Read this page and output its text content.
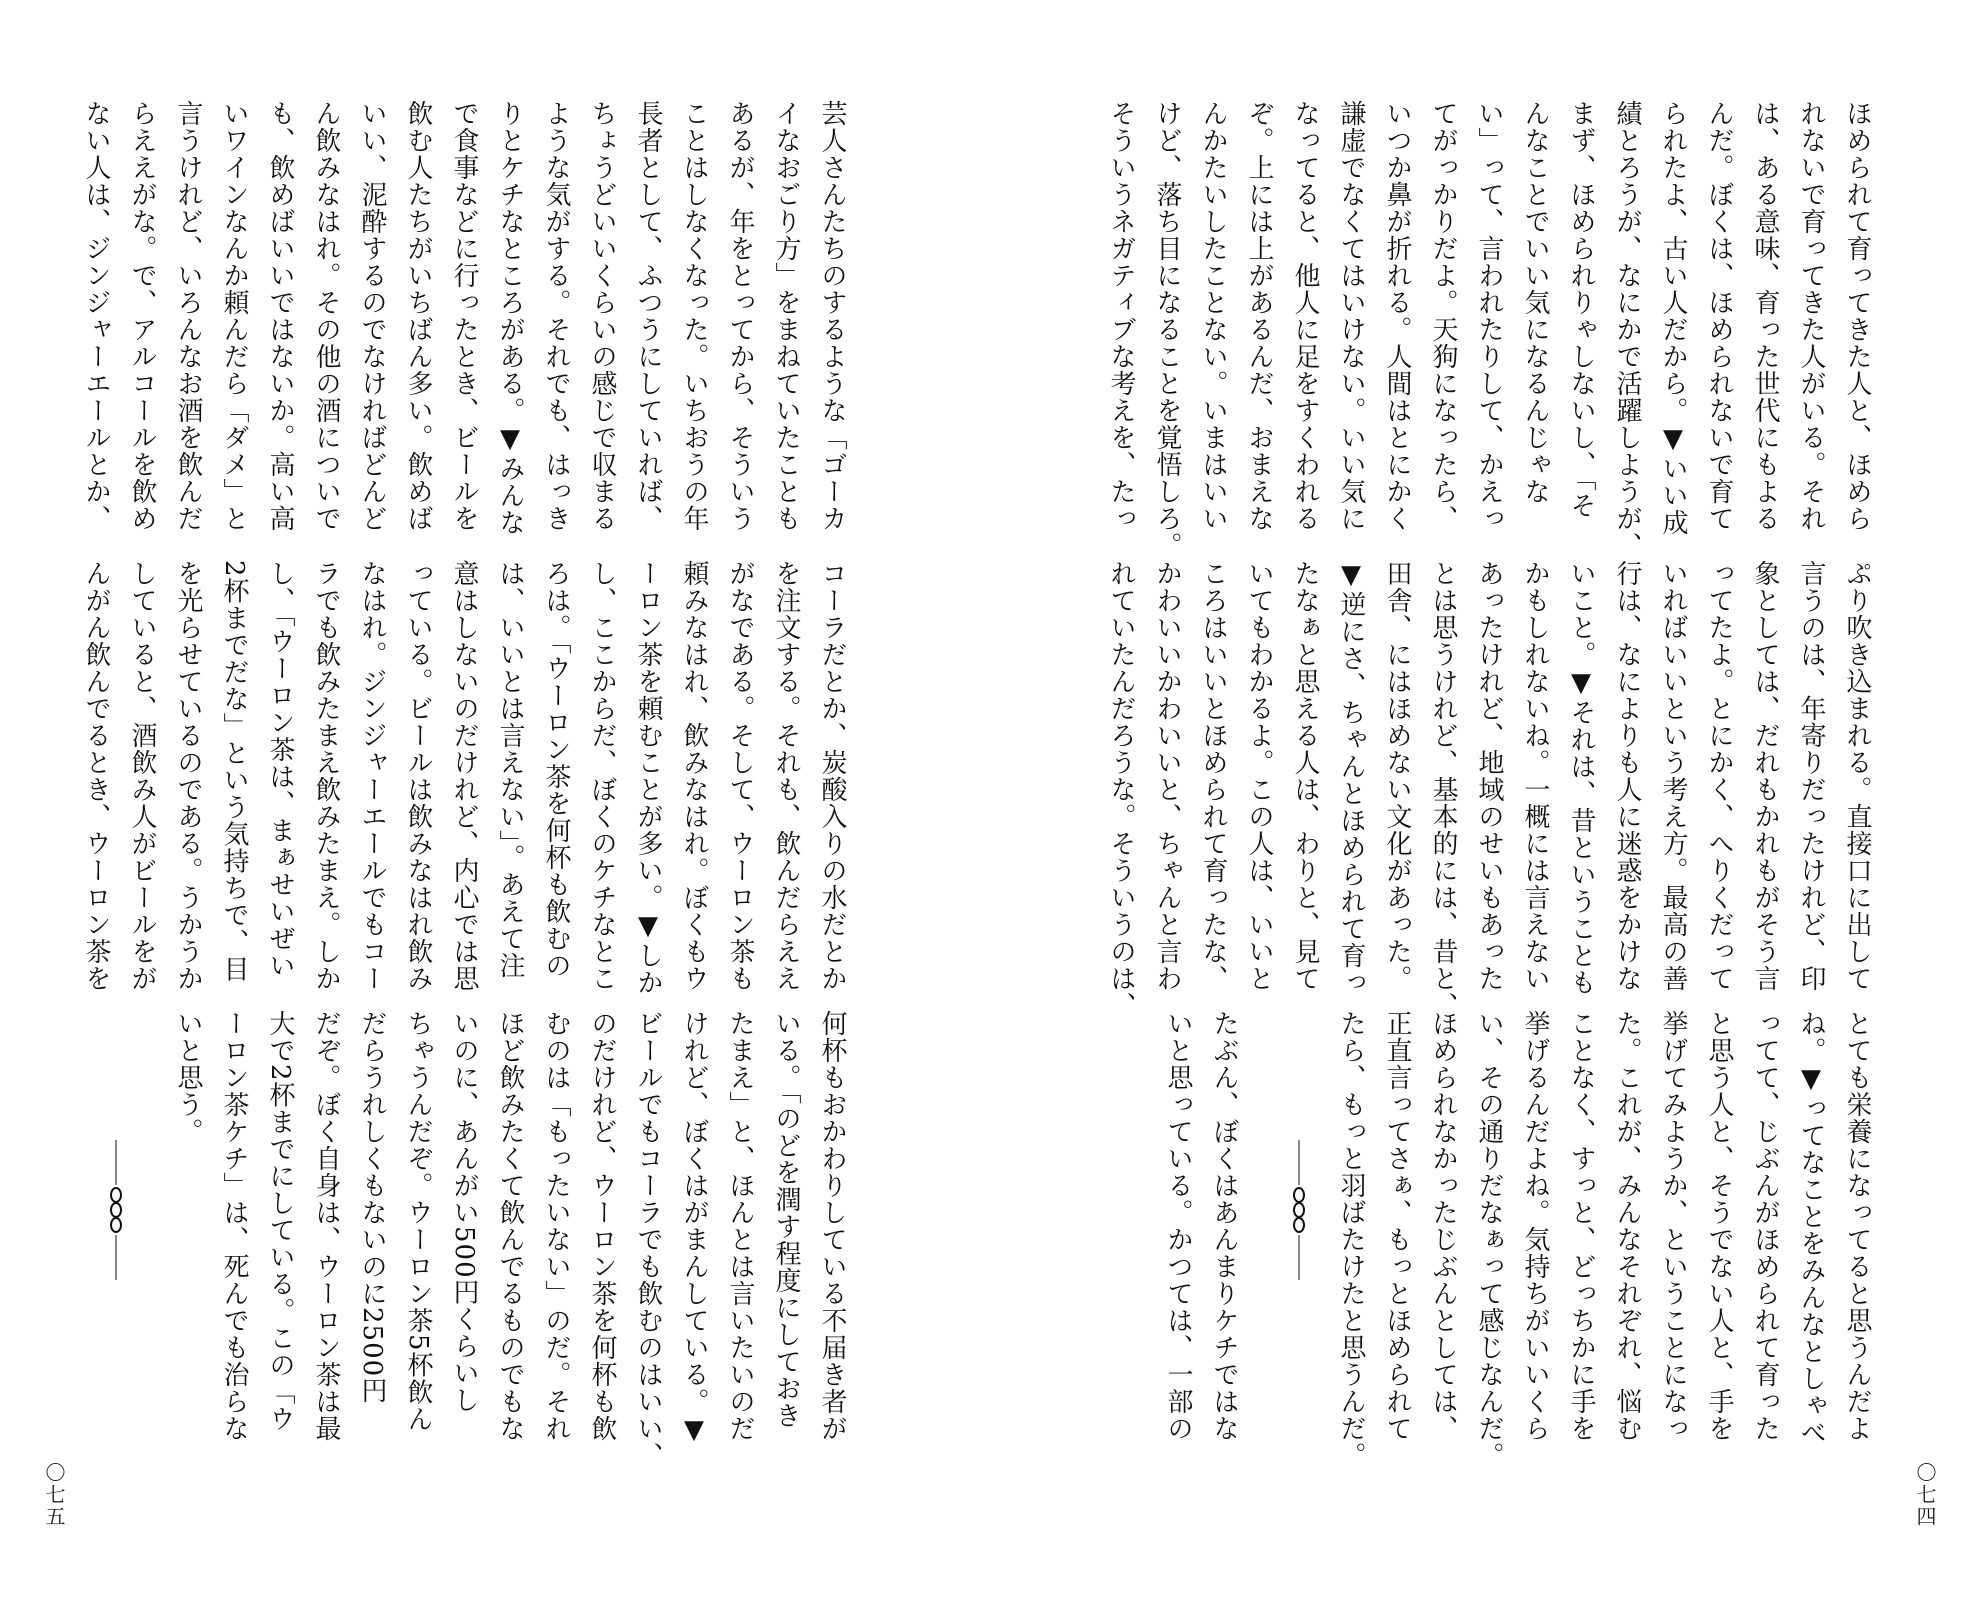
芸人さんたちのするような「ゴーカ
イなおごり方」をまねていたことも
あるが、年をとってから、そういう
ことはしなくなった。いちおうの年
長者として、ふつうにしていれば、
ちょうどいいくらいの感じで収まる
ような気がする。それでも、はっき
りとケチなところがある。▼みんな
で食事などに行ったとき、ビールを
飲む人たちがいちばん多い。飲めば
いい、泥酔するのでなければどんど
ん飲みなはれ。その他の酒についで
も、飲めばいいではないか。高い高
いワインなんか頼んだら「ダメ」と
言うけれど、いろんなお酒を飲んだ
らええがな。で、アルコールを飲め
ない人は、ジンジャーエールとか、
コーラだとか、炭酸入りの水だとか
を注文する。それも、飲んだらええ
がなである。そして、ウーロン茶も
頼みなはれ、飲みなはれ。ぼくもウ
ーロン茶を頼むことが多い。▼しか
し、ここからだ、ぼくのケチなとこ
ろは。「ウーロン茶を何杯も飲むの
は、いいとは言えない」。あえて注
意はしないのだけれど、内心では思
っている。ビールは飲みなはれ飲み
なはれ。ジンジャーエールでもコー
ラでも飲みたまえ飲みたまえ。しか
し、「ウーロン茶は、まぁせいぜい
2杯までだな」という気持ちで、目
を光らせているのである。うかうか
していると、酒飲み人がビールをが
んがん飲んでるとき、ウーロン茶を
何杯もおかわりしている不届き者が
いる。「のどを潤す程度にしておき
たまえ」と、ほんとは言いたいのだ
けれど、ぼくはがまんしている。▼
ビールでもコーラでも飲むのはいい、
のだけれど、ウーロン茶を何杯も飲
むのは「もったいない」のだ。それ
ほど飲みたくて飲んでるものでもな
いのに、あんがい500円くらいし
ちゃうんだぞ。ウーロン茶5杯飲ん
だらうれしくもないのに2500円
だぞ。ぼく自身は、ウーロン茶は最
大で2杯までにしている。この「ウ
ーロン茶ケチ」は、死んでも治らな
いと思う。
〇七五
ほめられて育ってきた人と、ほめら
れないで育ってきた人がいる。それ
は、ある意味、育った世代にもよる
んだ。ぼくは、ほめられないで育て
られたよ、古い人だから。▼いい成
績とろうが、なにかで活躍しようが、
まず、ほめられりゃしないし、「そ
んなことでいい気になるんじゃな
い」って、言われたりして、かえっ
てがっかりだよ。天狗になったら、
いつか鼻が折れる。人間はとにかく
謙虚でなくてはいけない。いい気に
なってると、他人に足をすくわれる
ぞ。上には上があるんだ、おまえな
んかたいしたことない。いまはいい
けど、落ち目になることを覚悟しろ。
そういうネガティブな考えを、たっ
ぷり吹き込まれる。直接口に出して
言うのは、年寄りだったけれど、印
象としては、だれもかれもがそう言
ってたよ。とにかく、へりくだって
いればいいという考え方。最高の善
行は、なによりも人に迷惑をかけな
いこと。▼それは、昔ということも
かもしれないね。一概には言えない
あったけれど、地域のせいもあった
とは思うけれど、基本的には、昔と、
田舎、にはほめない文化があった。
▼逆にさ、ちゃんとほめられて育っ
たなぁと思える人は、わりと、見て
いてもわかるよ。この人は、いいと
ころはいいとほめられて育ったな、
かわいいかわいいと、ちゃんと言わ
れていたんだろうな。そういうのは、
とても栄養になってると思うんだよ
ね。▼ってなことをみんなとしゃべ
ってて、じぶんがほめられて育った
と思う人と、そうでない人と、手を
挙げてみようか、ということになっ
た。これが、みんなそれぞれ、悩む
ことなく、すっと、どっちかに手を
挙げるんだよね。気持ちがいいくら
い、その通りだなぁって感じなんだ。
ほめられなかったじぶんとしては、
正直言ってさぁ、もっとほめられて
たら、もっと羽ばたけたと思うんだ。
たぶん、ぼくはあんまりケチではな
いと思っている。かつては、一部の
〇七四
